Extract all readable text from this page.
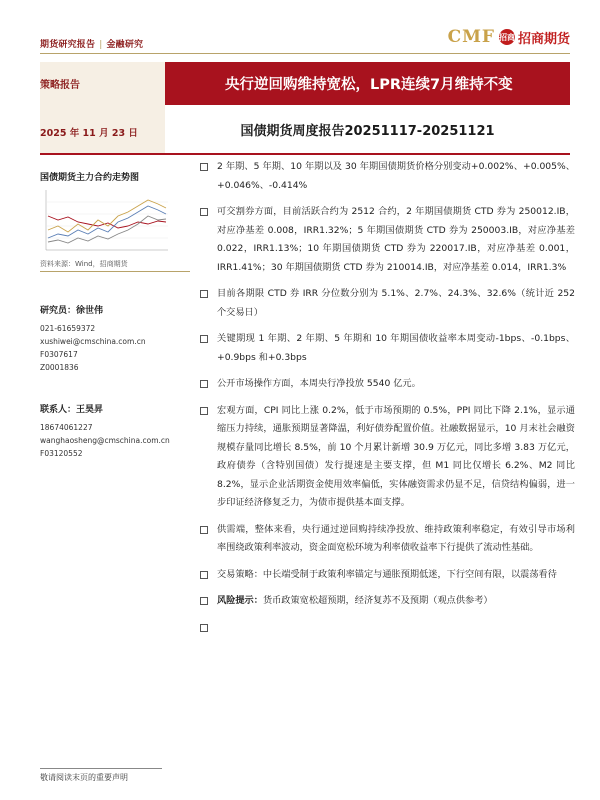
期货研究报告 | 金融研究	CMF 招商 招商期货
策略报告	央行逆回购维持宽松，LPR连续7月维持不变
2025 年 11 月 23 日	国债期货周度报告20251117-20251121
国债期货主力合约走势图
资料来源：Wind，招商期货
研究员：徐世伟
021-61659372
xushiwei@cmschina.com.cn
F0307617
Z0001836
联系人：王昊昇
18674061227
wanghaosheng@cmschina.com.cn
F03120552
2 年期、5 年期、10 年期以及 30 年期国债期货价格分别变动+0.002%、+0.005%、+0.046%、-0.414%
可交割券方面，目前活跃合约为 2512 合约，2 年期国债期货 CTD 券为 250012.IB，对应净基差 0.008，IRR1.32%；5 年期国债期货 CTD 券为 250003.IB，对应净基差 0.022，IRR1.13%；10 年期国债期货 CTD 券为 220017.IB，对应净基差 0.001，IRR1.41%；30 年期国债期货 CTD 券为 210014.IB，对应净基差 0.014，IRR1.3%
目前各期限 CTD 券 IRR 分位数分别为 5.1%、2.7%、24.3%、32.6%（统计近 252 个交易日）
关键期现 1 年期、2 年期、5 年期和 10 年期国债收益率本周变动-1bps、-0.1bps、+0.9bps 和+0.3bps
公开市场操作方面，本周央行净投放 5540 亿元。
宏观方面，CPI 同比上涨 0.2%，低于市场预期的 0.5%，PPI 同比下降 2.1%，显示通缩压力持续，通胀预期显著降温，利好债券配置价值。社融数据显示，10 月末社会融资规模存量同比增长 8.5%，前 10 个月累计新增 30.9 万亿元，同比多增 3.83 万亿元，政府债券（含特别国债）发行提速是主要支撑，但 M1 同比仅增长 6.2%、M2 同比 8.2%，显示企业活期资金使用效率偏低，实体融资需求仍显不足，信贷结构偏弱，进一步印证经济修复乏力，为债市提供基本面支撑。
供需端，整体来看，央行通过逆回购持续净投放、维持政策利率稳定，有效引导市场利率围绕政策利率波动，资金面宽松环境为利率债收益率下行提供了流动性基础。
交易策略：中长端受制于政策利率锚定与通胀预期低迷，下行空间有限，以震荡看待
风险提示：货币政策宽松超预期，经济复苏不及预期（观点供参考）
敬请阅读末页的重要声明
